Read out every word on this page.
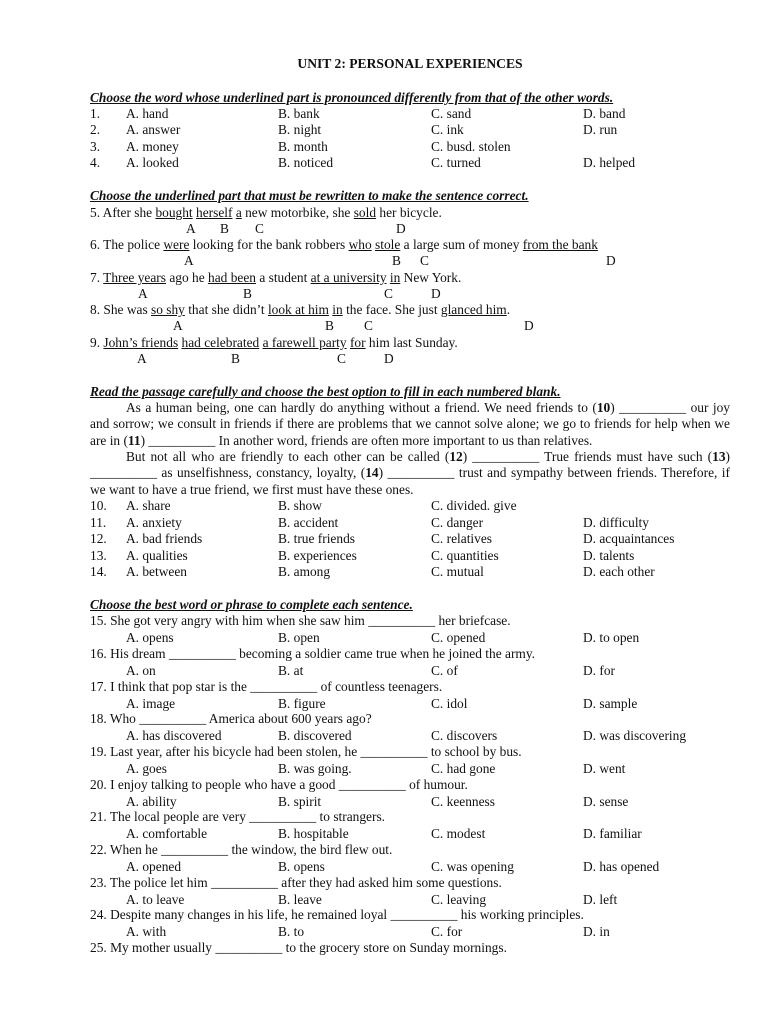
UNIT 2: PERSONAL EXPERIENCES
Choose the word whose underlined part is pronounced differently from that of the other words.
1. A. hand	B. bank	C. sand	D. band
2. A. answer	B. night	C. ink	D. run
3. A. money	B. month	C. busd. stolen
4. A. looked	B. noticed	C. turned	D. helped
Choose the underlined part that must be rewritten to make the sentence correct.
5. After she bought herself a new motorbike, she sold her bicycle.
A B C	D
6. The police were looking for the bank robbers who stole a large sum of money from the bank
A	B C	D
7. Three years ago he had been a student at a university in New York.
A	B	C	D
8. She was so shy that she didn’t look at him in the face. She just glanced him.
A	B C	D
9. John’s friends had celebrated a farewell party for him last Sunday.
A	B	C	D
Read the passage carefully and choose the best option to fill in each numbered blank.
As a human being, one can hardly do anything without a friend. We need friends to (10) __________ our joy and sorrow; we consult in friends if there are problems that we cannot solve alone; we go to friends for help when we are in (11) __________ In another word, friends are often more important to us than relatives.
But not all who are friendly to each other can be called (12) __________ True friends must have such (13) __________ as unselfishness, constancy, loyalty, (14) __________ trust and sympathy between friends. Therefore, if we want to have a true friend, we first must have these ones.
10. A. share	B. show	C. divided. give
11. A. anxiety	B. accident	C. danger	D. difficulty
12. A. bad friends	B. true friends	C. relatives	D. acquaintances
13. A. qualities	B. experiences	C. quantities	D. talents
14. A. between	B. among	C. mutual	D. each other
Choose the best word or phrase to complete each sentence.
15. She got very angry with him when she saw him __________ her briefcase.
A. opens	B. open	C. opened	D. to open
16. His dream __________ becoming a soldier came true when he joined the army.
A. on	B. at	C. of	D. for
17. I think that pop star is the __________ of countless teenagers.
A. image	B. figure	C. idol	D. sample
18. Who __________ America about 600 years ago?
A. has discovered	B. discovered	C. discovers	D. was discovering
19. Last year, after his bicycle had been stolen, he __________ to school by bus.
A. goes	B. was going.	C. had gone	D. went
20. I enjoy talking to people who have a good __________ of humour.
A. ability	B. spirit	C. keenness	D. sense
21. The local people are very __________ to strangers.
A. comfortable	B. hospitable	C. modest	D. familiar
22. When he __________ the window, the bird flew out.
A. opened	B. opens	C. was opening	D. has opened
23. The police let him __________ after they had asked him some questions.
A. to leave	B. leave	C. leaving	D. left
24. Despite many changes in his life, he remained loyal __________ his working principles.
A. with	B. to	C. for	D. in
25. My mother usually __________ to the grocery store on Sunday mornings.
